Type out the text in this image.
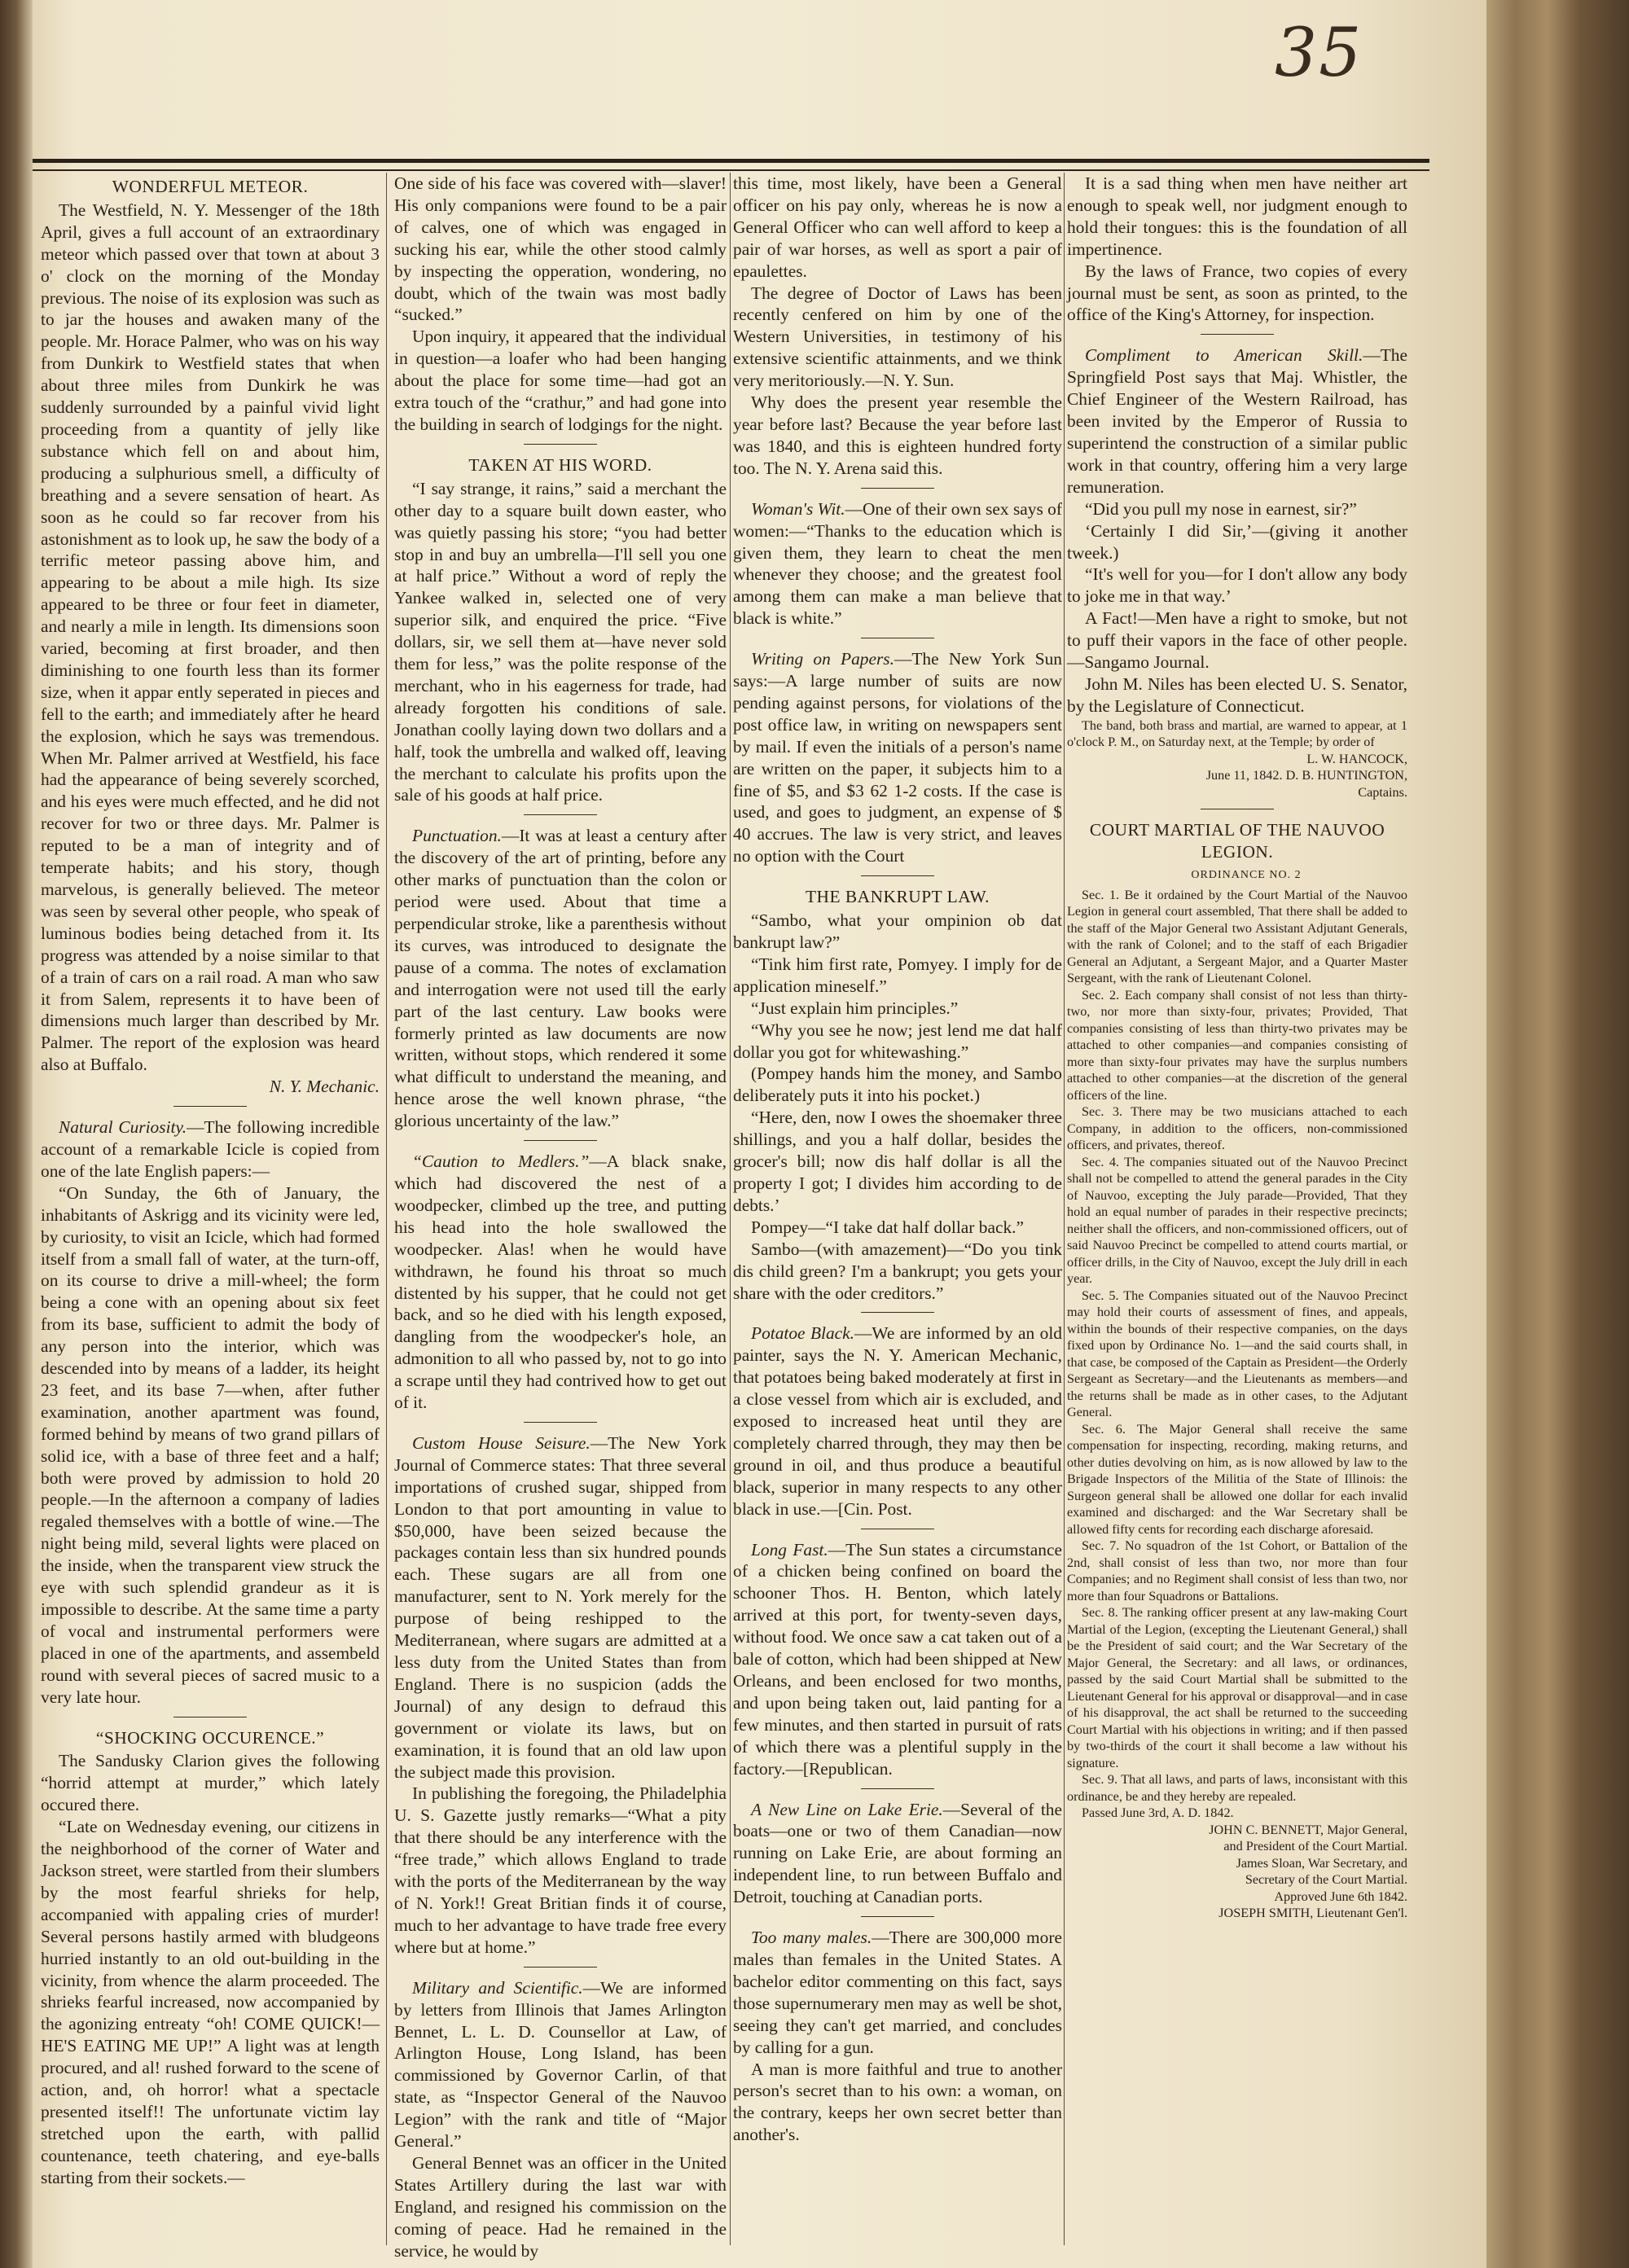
35
WONDERFUL METEOR.

The Westfield, N. Y. Messenger of the 18th April, gives a full account of an extraordinary meteor which passed over that town at about 3 o' clock on the morning of the Monday previous. The noise of its explosion was such as to jar the houses and awaken many of the people. Mr. Horace Palmer, who was on his way from Dunkirk to Westfield states that when about three miles from Dunkirk he was suddenly surrounded by a painful vivid light proceeding from a quantity of jelly like substance which fell on and about him, producing a sulphurious smell, a difficulty of breathing and a severe sensation of heart. As soon as he could so far recover from his astonishment as to look up, he saw the body of a terrific meteor passing above him, and appearing to be about a mile high. Its size appeared to be three or four feet in diameter, and nearly a mile in length. Its dimensions soon varied, becoming at first broader, and then diminishing to one fourth less than its former size, when it appar ently seperated in pieces and fell to the earth; and immediately after he heard the explosion, which he says was tremendous. When Mr. Palmer arrived at Westfield, his face had the appearance of being severely scorched, and his eyes were much effected, and he did not recover for two or three days. Mr. Palmer is reputed to be a man of integrity and of temperate habits; and his story, though marvelous, is generally believed. The meteor was seen by several other people, who speak of luminous bodies being detached from it. Its progress was attended by a noise similar to that of a train of cars on a rail road. A man who saw it from Salem, represents it to have been of dimensions much larger than described by Mr. Palmer. The report of the explosion was heard also at Buffalo.

N. Y. Mechanic.

Natural Curiosity.—The following incredible account of a remarkable Icicle is copied from one of the late English papers:—

“On Sunday, the 6th of January, the inhabitants of Askrigg and its vicinity were led, by curiosity, to visit an Icicle, which had formed itself from a small fall of water, at the turn-off, on its course to drive a mill-wheel; the form being a cone with an opening about six feet from its base, sufficient to admit the body of any person into the interior, which was descended into by means of a ladder, its height 23 feet, and its base 7—when, after futher examination, another apartment was found, formed behind by means of two grand pillars of solid ice, with a base of three feet and a half; both were proved by admission to hold 20 people.—In the afternoon a company of ladies regaled themselves with a bottle of wine.—The night being mild, several lights were placed on the inside, when the transparent view struck the eye with such splendid grandeur as it is impossible to describe. At the same time a party of vocal and instrumental performers were placed in one of the apartments, and assembeld round with several pieces of sacred music to a very late hour.

“SHOCKING OCCURENCE.”

The Sandusky Clarion gives the following “horrid attempt at murder,” which lately occured there.

“Late on Wednesday evening, our citizens in the neighborhood of the corner of Water and Jackson street, were startled from their slumbers by the most fearful shrieks for help, accompanied with appaling cries of murder! Several persons hastily armed with bludgeons hurried instantly to an old out-building in the vicinity, from whence the alarm proceeded. The shrieks fearful increased, now accompanied by the agonizing entreaty “oh! COME QUICK!—HE'S EATING ME UP!” A light was at length procured, and al! rushed forward to the scene of action, and, oh horror! what a spectacle presented itself!! The unfortunate victim lay stretched upon the earth, with pallid countenance, teeth chatering, and eye-balls starting from their sockets.—

One side of his face was covered with—slaver! His only companions were found to be a pair of calves, one of which was engaged in sucking his ear, while the other stood calmly by inspecting the opperation, wondering, no doubt, which of the twain was most badly “sucked.”

Upon inquiry, it appeared that the individual in question—a loafer who had been hanging about the place for some time—had got an extra touch of the “crathur,” and had gone into the building in search of lodgings for the night.

TAKEN AT HIS WORD.

“I say strange, it rains,” said a merchant the other day to a square built down easter, who was quietly passing his store; “you had better stop in and buy an umbrella—I'll sell you one at half price.” Without a word of reply the Yankee walked in, selected one of very superior silk, and enquired the price. “Five dollars, sir, we sell them at—have never sold them for less,” was the polite response of the merchant, who in his eagerness for trade, had already forgotten his conditions of sale. Jonathan coolly laying down two dollars and a half, took the umbrella and walked off, leaving the merchant to calculate his profits upon the sale of his goods at half price.

Punctuation.—It was at least a century after the discovery of the art of printing, before any other marks of punctuation than the colon or period were used. About that time a perpendicular stroke, like a parenthesis without its curves, was introduced to designate the pause of a comma. The notes of exclamation and interrogation were not used till the early part of the last century. Law books were formerly printed as law documents are now written, without stops, which rendered it some what difficult to understand the meaning, and hence arose the well known phrase, “the glorious uncertainty of the law.”

“Caution to Medlers.”—A black snake, which had discovered the nest of a woodpecker, climbed up the tree, and putting his head into the hole swallowed the woodpecker. Alas! when he would have withdrawn, he found his throat so much distented by his supper, that he could not get back, and so he died with his length exposed, dangling from the woodpecker's hole, an admonition to all who passed by, not to go into a scrape until they had contrived how to get out of it.

Custom House Seisure.—The New York Journal of Commerce states: That three several importations of crushed sugar, shipped from London to that port amounting in value to $50,000, have been seized because the packages contain less than six hundred pounds each. These sugars are all from one manufacturer, sent to N. York merely for the purpose of being reshipped to the Mediterranean, where sugars are admitted at a less duty from the United States than from England. There is no suspicion (adds the Journal) of any design to defraud this government or violate its laws, but on examination, it is found that an old law upon the subject made this provision.

In publishing the foregoing, the Philadelphia U. S. Gazette justly remarks—“What a pity that there should be any interference with the “free trade,” which allows England to trade with the ports of the Mediterranean by the way of N. York!! Great Britian finds it of course, much to her advantage to have trade free every where but at home.”

Military and Scientific.—We are informed by letters from Illinois that James Arlington Bennet, L. L. D. Counsellor at Law, of Arlington House, Long Island, has been commissioned by Governor Carlin, of that state, as “Inspector General of the Nauvoo Legion” with the rank and title of “Major General.”

General Bennet was an officer in the United States Artillery during the last war with England, and resigned his commission on the coming of peace. Had he remained in the service, he would by

this time, most likely, have been a General officer on his pay only, whereas he is now a General Officer who can well afford to keep a pair of war horses, as well as sport a pair of epaulettes.

The degree of Doctor of Laws has been recently cenfered on him by one of the Western Universities, in testimony of his extensive scientific attainments, and we think very meritoriously.—N. Y. Sun.

Why does the present year resemble the year before last? Because the year before last was 1840, and this is eighteen hundred forty too. The N. Y. Arena said this.

Woman's Wit.—One of their own sex says of women:—“Thanks to the education which is given them, they learn to cheat the men whenever they choose; and the greatest fool among them can make a man believe that black is white.”

Writing on Papers.—The New York Sun says:—A large number of suits are now pending against persons, for violations of the post office law, in writing on newspapers sent by mail. If even the initials of a person's name are written on the paper, it subjects him to a fine of $5, and $3 62 1-2 costs. If the case is used, and goes to judgment, an expense of $ 40 accrues. The law is very strict, and leaves no option with the Court

THE BANKRUPT LAW.

“Sambo, what your ompinion ob dat bankrupt law?”

“Tink him first rate, Pomyey. I imply for de application mineself.”

“Just explain him principles.”

“Why you see he now; jest lend me dat half dollar you got for whitewashing.”

(Pompey hands him the money, and Sambo deliberately puts it into his pocket.)

“Here, den, now I owes the shoemaker three shillings, and you a half dollar, besides the grocer's bill; now dis half dollar is all the property I got; I divides him according to de debts.’

Pompey—“I take dat half dollar back.”

Sambo—(with amazement)—“Do you tink dis child green? I'm a bankrupt; you gets your share with the oder creditors.”

Potatoe Black.—We are informed by an old painter, says the N. Y. American Mechanic, that potatoes being baked moderately at first in a close vessel from which air is excluded, and exposed to increased heat until they are completely charred through, they may then be ground in oil, and thus produce a beautiful black, superior in many respects to any other black in use.—[Cin. Post.

Long Fast.—The Sun states a circumstance of a chicken being confined on board the schooner Thos. H. Benton, which lately arrived at this port, for twenty-seven days, without food. We once saw a cat taken out of a bale of cotton, which had been shipped at New Orleans, and been enclosed for two months, and upon being taken out, laid panting for a few minutes, and then started in pursuit of rats of which there was a plentiful supply in the factory.—[Republican.

A New Line on Lake Erie.—Several of the boats—one or two of them Canadian—now running on Lake Erie, are about forming an independent line, to run between Buffalo and Detroit, touching at Canadian ports.

Too many males.—There are 300,000 more males than females in the United States. A bachelor editor commenting on this fact, says those supernumerary men may as well be shot, seeing they can't get married, and concludes by calling for a gun.

A man is more faithful and true to another person's secret than to his own: a woman, on the contrary, keeps her own secret better than another's.

It is a sad thing when men have neither art enough to speak well, nor judgment enough to hold their tongues: this is the foundation of all impertinence.

By the laws of France, two copies of every journal must be sent, as soon as printed, to the office of the King's Attorney, for inspection.

Compliment to American Skill.—The Springfield Post says that Maj. Whistler, the Chief Engineer of the Western Railroad, has been invited by the Emperor of Russia to superintend the construction of a similar public work in that country, offering him a very large remuneration.

“Did you pull my nose in earnest, sir?”

‘Certainly I did Sir,’—(giving it another tweek.)

“It's well for you—for I don't allow any body to joke me in that way.’

A Fact!—Men have a right to smoke, but not to puff their vapors in the face of other people.—Sangamo Journal.

John M. Niles has been elected U. S. Senator, by the Legislature of Connecticut.

The band, both brass and martial, are warned to appear, at 1 o'clock P. M., on Saturday next, at the Temple; by order of

L. W. HANCOCK,

June 11, 1842. D. B. HUNTINGTON,

Captains.

COURT MARTIAL OF THE NAUVOO LEGION.

ORDINANCE NO. 2

Sec. 1. Be it ordained by the Court Martial of the Nauvoo Legion in general court assembled, That there shall be added to the staff of the Major General two Assistant Adjutant Generals, with the rank of Colonel; and to the staff of each Brigadier General an Adjutant, a Sergeant Major, and a Quarter Master Sergeant, with the rank of Lieutenant Colonel.

Sec. 2. Each company shall consist of not less than thirty-two, nor more than sixty-four, privates; Provided, That companies consisting of less than thirty-two privates may be attached to other companies—and companies consisting of more than sixty-four privates may have the surplus numbers attached to other companies—at the discretion of the general officers of the line.

Sec. 3. There may be two musicians attached to each Company, in addition to the officers, non-commissioned officers, and privates, thereof.

Sec. 4. The companies situated out of the Nauvoo Precinct shall not be compelled to attend the general parades in the City of Nauvoo, excepting the July parade—Provided, That they hold an equal number of parades in their respective precincts; neither shall the officers, and non-commissioned officers, out of said Nauvoo Precinct be compelled to attend courts martial, or officer drills, in the City of Nauvoo, except the July drill in each year.

Sec. 5. The Companies situated out of the Nauvoo Precinct may hold their courts of assessment of fines, and appeals, within the bounds of their respective companies, on the days fixed upon by Ordinance No. 1—and the said courts shall, in that case, be composed of the Captain as President—the Orderly Sergeant as Secretary—and the Lieutenants as members—and the returns shall be made as in other cases, to the Adjutant General.

Sec. 6. The Major General shall receive the same compensation for inspecting, recording, making returns, and other duties devolving on him, as is now allowed by law to the Brigade Inspectors of the Militia of the State of Illinois: the Surgeon general shall be allowed one dollar for each invalid examined and discharged: and the War Secretary shall be allowed fifty cents for recording each discharge aforesaid.

Sec. 7. No squadron of the 1st Cohort, or Battalion of the 2nd, shall consist of less than two, nor more than four Companies; and no Regiment shall consist of less than two, nor more than four Squadrons or Battalions.

Sec. 8. The ranking officer present at any law-making Court Martial of the Legion, (excepting the Lieutenant General,) shall be the President of said court; and the War Secretary of the Major General, the Secretary: and all laws, or ordinances, passed by the said Court Martial shall be submitted to the Lieutenant General for his approval or disapproval—and in case of his disapproval, the act shall be returned to the succeeding Court Martial with his objections in writing; and if then passed by two-thirds of the court it shall become a law without his signature.

Sec. 9. That all laws, and parts of laws, inconsistant with this ordinance, be and they hereby are repealed.

Passed June 3rd, A. D. 1842.

JOHN C. BENNETT, Major General,

and President of the Court Martial.

James Sloan, War Secretary, and

Secretary of the Court Martial.

Approved June 6th 1842.

JOSEPH SMITH, Lieutenant Gen'l.
